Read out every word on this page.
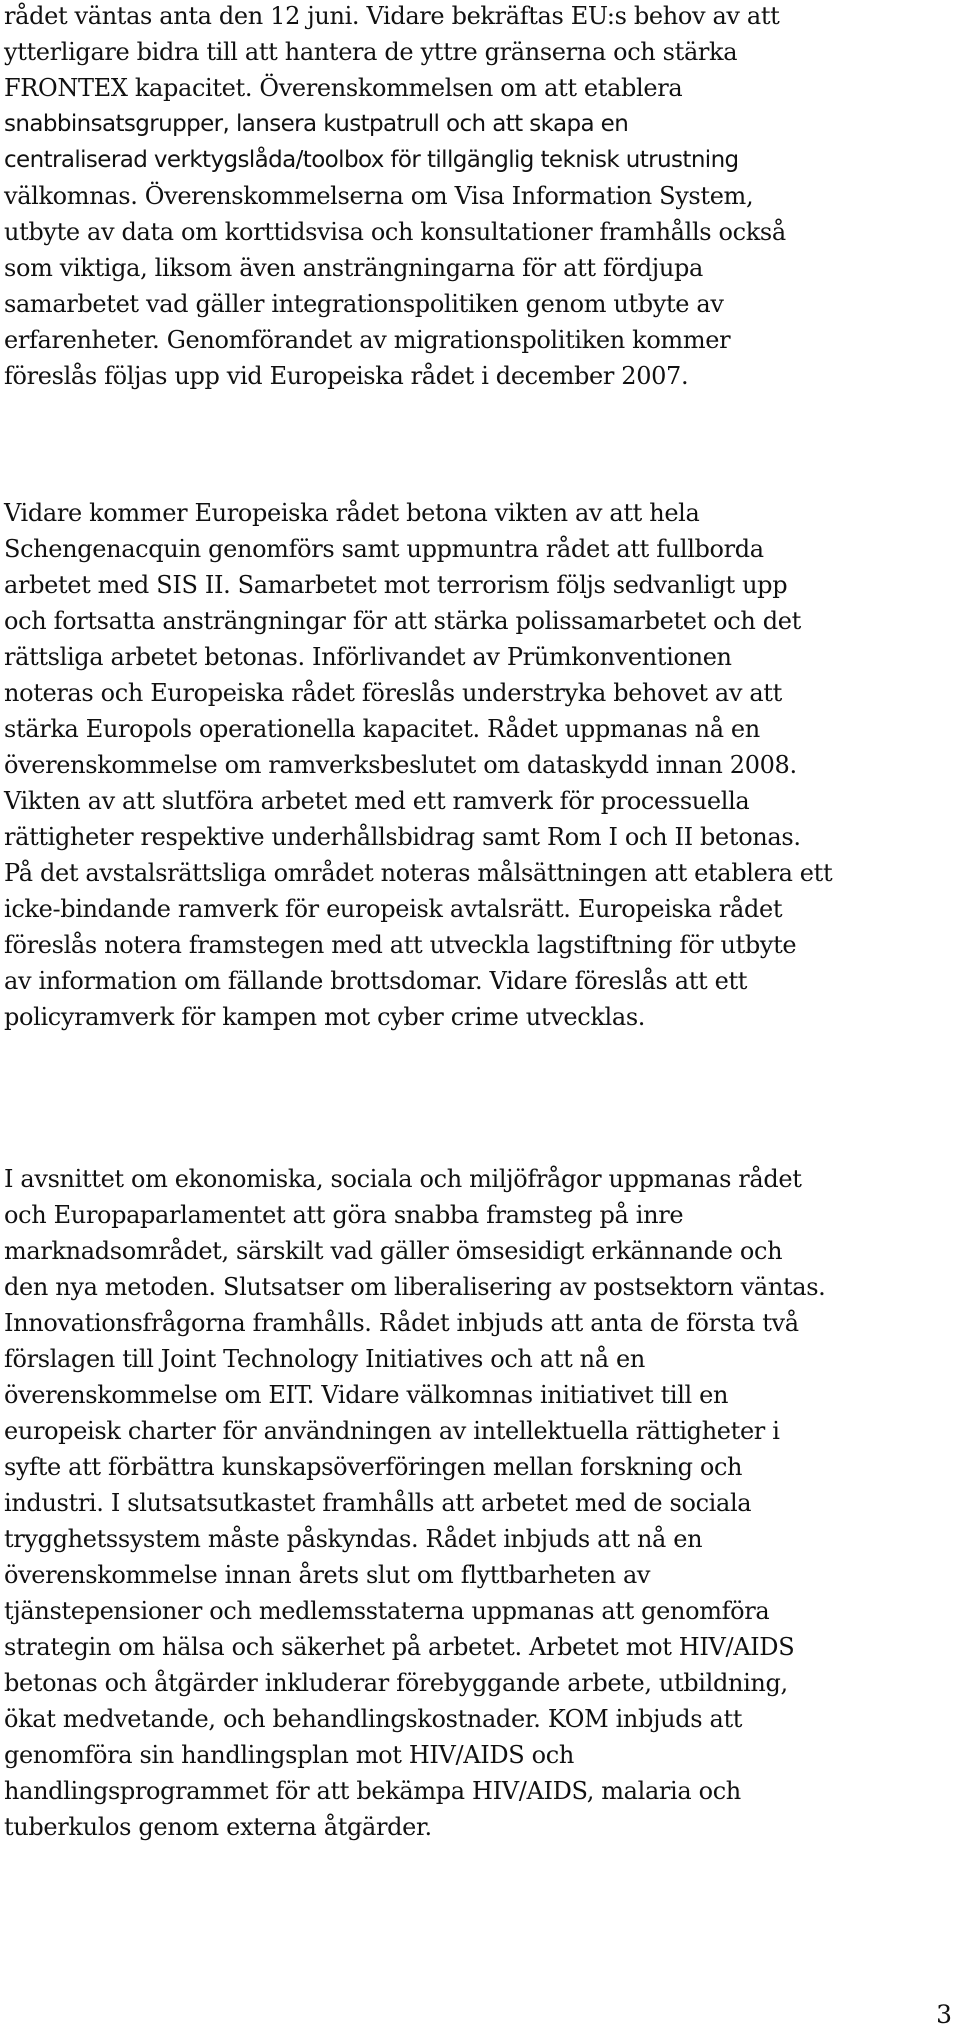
rådet väntas anta den 12 juni. Vidare bekräftas EU:s behov av att
ytterligare bidra till att hantera de yttre gränserna och stärka
FRONTEX kapacitet. Överenskommelsen om att etablera
snabbinsatsgrupper, lansera kustpatrull och att skapa en
centraliserad verktygslåda/toolbox för tillgänglig teknisk utrustning
välkomnas. Överenskommelserna om Visa Information System,
utbyte av data om korttidsvisa och konsultationer framhålls också
som viktiga, liksom även ansträngningarna för att fördjupa
samarbetet vad gäller integrationspolitiken genom utbyte av
erfarenheter. Genomförandet av migrationspolitiken kommer
föreslås följas upp vid Europeiska rådet i december 2007.

Vidare kommer Europeiska rådet betona vikten av att hela
Schengenacquin genomförs samt uppmuntra rådet att fullborda
arbetet med SIS II. Samarbetet mot terrorism följs sedvanligt upp
och fortsatta ansträngningar för att stärka polissamarbetet och det
rättsliga arbetet betonas. Införlivandet av Prümkonventionen
noteras och Europeiska rådet föreslås understryka behovet av att
stärka Europols operationella kapacitet. Rådet uppmanas nå en
överenskommelse om ramverksbeslutet om dataskydd innan 2008.
Vikten av att slutföra arbetet med ett ramverk för processuella
rättigheter respektive underhållsbidrag samt Rom I och II betonas.
På det avstalsrättsliga området noteras målsättningen att etablera ett
icke-bindande ramverk för europeisk avtalsrätt. Europeiska rådet
föreslås notera framstegen med att utveckla lagstiftning för utbyte
av information om fällande brottsdomar. Vidare föreslås att ett
policyramverk för kampen mot cyber crime utvecklas.

I avsnittet om ekonomiska, sociala och miljöfrågor uppmanas rådet
och Europaparlamentet att göra snabba framsteg på inre
marknadsområdet, särskilt vad gäller ömsesidigt erkännande och
den nya metoden. Slutsatser om liberalisering av postsektorn väntas.
Innovationsfrågorna framhålls. Rådet inbjuds att anta de första två
förslagen till Joint Technology Initiatives och att nå en
överenskommelse om EIT. Vidare välkomnas initiativet till en
europeisk charter för användningen av intellektuella rättigheter i
syfte att förbättra kunskapsöverföringen mellan forskning och
industri. I slutsatsutkastet framhålls att arbetet med de sociala
trygghetssystem måste påskyndas. Rådet inbjuds att nå en
överenskommelse innan årets slut om flyttbarheten av
tjänstepensioner och medlemsstaterna uppmanas att genomföra
strategin om hälsa och säkerhet på arbetet. Arbetet mot HIV/AIDS
betonas och åtgärder inkluderar förebyggande arbete, utbildning,
ökat medvetande, och behandlingskostnader. KOM inbjuds att
genomföra sin handlingsplan mot HIV/AIDS och
handlingsprogrammet för att bekämpa HIV/AIDS, malaria och
tuberkulos genom externa åtgärder.

3
